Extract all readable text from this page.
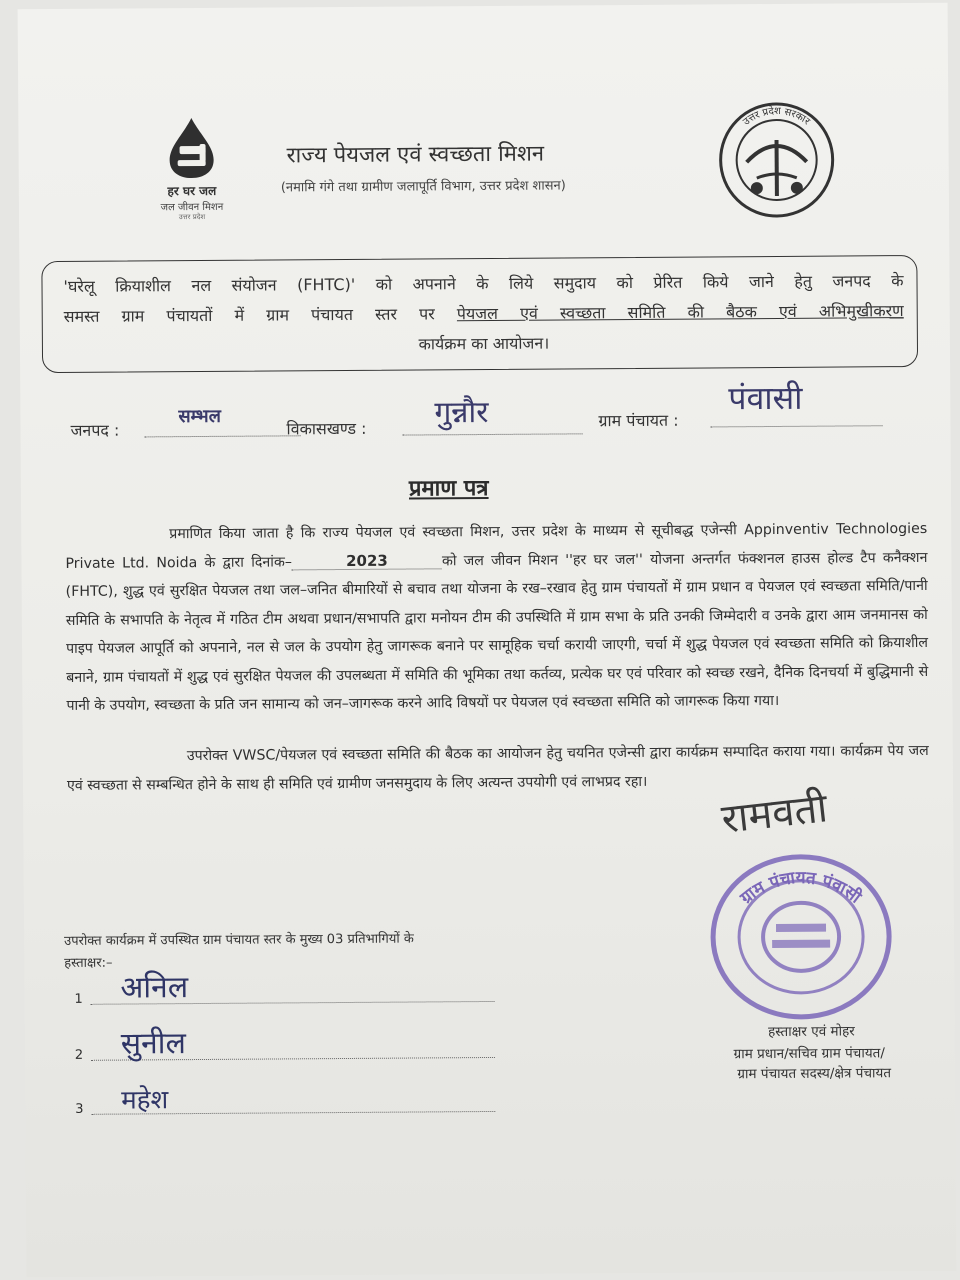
हर घर जल
जल जीवन मिशन
उत्तर प्रदेश
राज्य पेयजल एवं स्वच्छता मिशन
(नमामि गंगे तथा ग्रामीण जलापूर्ति विभाग, उत्तर प्रदेश शासन)
उत्तर प्रदेश सरकार
'घरेलू क्रियाशील नल संयोजन (FHTC)' को अपनाने के लिये समुदाय को प्रेरित किये जाने हेतु जनपद के
समस्त ग्राम पंचायतों में ग्राम पंचायत स्तर पर पेयजल एवं स्वच्छता समिति की बैठक एवं अभिमुखीकरण
कार्यक्रम का आयोजन।
जनपद :
सम्भल
विकासखण्ड : गुन्नौर	ग्राम पंचायत :
पंवासी
प्रमाण पत्र
प्रमाणित किया जाता है कि राज्य पेयजल एवं स्वच्छता मिशन, उत्तर प्रदेश के माध्यम से सूचीबद्ध एजेन्सी Appinventiv Technologies Private Ltd. Noida के द्वारा दिनांक–	2023	को जल जीवन मिशन ''हर घर जल'' योजना अन्तर्गत फंक्शनल हाउस होल्ड टैप कनैक्शन (FHTC), शुद्ध एवं सुरक्षित पेयजल तथा जल–जनित बीमारियों से बचाव तथा योजना के रख–रखाव हेतु ग्राम पंचायतों में ग्राम प्रधान व पेयजल एवं स्वच्छता समिति/पानी समिति के सभापति के नेतृत्व में गठित टीम अथवा प्रधान/सभापति द्वारा मनोयन टीम की उपस्थिति में ग्राम सभा के प्रति उनकी जिम्मेदारी व उनके द्वारा आम जनमानस को पाइप पेयजल आपूर्ति को अपनाने, नल से जल के उपयोग हेतु जागरूक बनाने पर सामूहिक चर्चा करायी जाएगी, चर्चा में शुद्ध पेयजल एवं स्वच्छता समिति को क्रियाशील बनाने, ग्राम पंचायतों में शुद्ध एवं सुरक्षित पेयजल की उपलब्धता में समिति की भूमिका तथा कर्तव्य, प्रत्येक घर एवं परिवार को स्वच्छ रखने, दैनिक दिनचर्या में बुद्धिमानी से पानी के उपयोग, स्वच्छता के प्रति जन सामान्य को जन–जागरूक करने आदि विषयों पर पेयजल एवं स्वच्छता समिति को जागरूक किया गया।
उपरोक्त VWSC/पेयजल एवं स्वच्छता समिति की बैठक का आयोजन हेतु चयनित एजेन्सी द्वारा कार्यक्रम सम्पादित कराया गया। कार्यक्रम पेय जल एवं स्वच्छता से सम्बन्धित होने के साथ ही समिति एवं ग्रामीण जनसमुदाय के लिए अत्यन्त उपयोगी एवं लाभप्रद रहा।
रामवती
ग्राम पंचायत पंवासी
हस्ताक्षर एवं मोहर
ग्राम प्रधान/सचिव ग्राम पंचायत/
ग्राम पंचायत सदस्य/क्षेत्र पंचायत
उपरोक्त कार्यक्रम में उपस्थित ग्राम पंचायत स्तर के मुख्य 03 प्रतिभागियों के
हस्ताक्षर:–
1 अनिल
2 सुनील
3 महेश
